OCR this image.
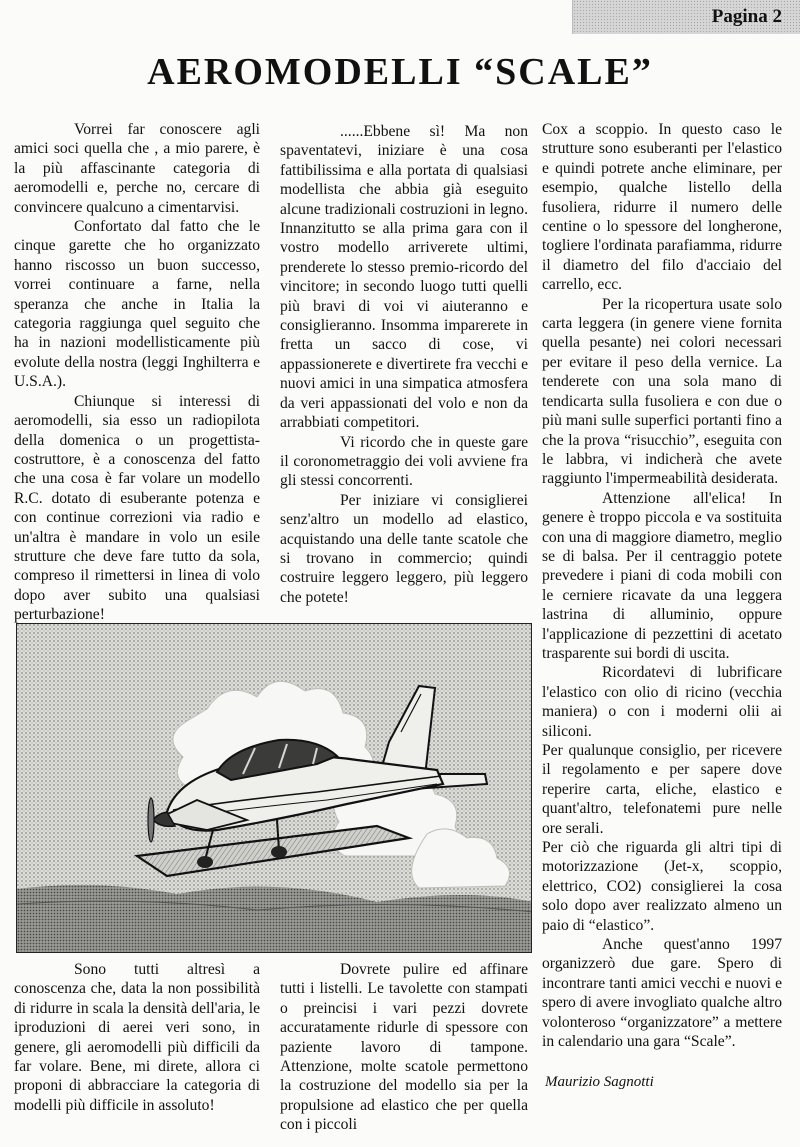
Pagina 2
AEROMODELLI “SCALE”

Vorrei far conoscere agli amici soci quella che , a mio parere, è la più affascinante categoria di aeromodelli e, perche no, cercare di convincere qualcuno a cimentarvisi.

Confortato dal fatto che le cinque garette che ho organizzato hanno riscosso un buon successo, vorrei continuare a farne, nella speranza che anche in Italia la categoria raggiunga quel seguito che ha in nazioni modellisticamente più evolute della nostra (leggi Inghilterra e U.S.A.).

Chiunque si interessi di aeromodelli, sia esso un radiopilota della domenica o un progettista-costruttore, è a conoscenza del fatto che una cosa è far volare un modello R.C. dotato di esuberante potenza e con continue correzioni via radio e un'altra è mandare in volo un esile strutture che deve fare tutto da sola, compreso il rimettersi in linea di volo dopo aver subito una qualsiasi perturbazione!

......Ebbene sì! Ma non spaventatevi, iniziare è una cosa fattibilissima e alla portata di qualsiasi modellista che abbia già eseguito alcune tradizionali costruzioni in legno. Innanzitutto se alla prima gara con il vostro modello arriverete ultimi, prenderete lo stesso premio-ricordo del vincitore; in secondo luogo tutti quelli più bravi di voi vi aiuteranno e consiglieranno. Insomma imparerete in fretta un sacco di cose, vi appassionerete e divertirete fra vecchi e nuovi amici in una simpatica atmosfera da veri appassionati del volo e non da arrabbiati competitori.

Vi ricordo che in queste gare il coronometraggio dei voli avviene fra gli stessi concorrenti.

Per iniziare vi consiglierei senz'altro un modello ad elastico, acquistando una delle tante scatole che si trovano in commercio; quindi costruire leggero leggero, più leggero che potete!

Cox a scoppio. In questo caso le strutture sono esuberanti per l'elastico e quindi potrete anche eliminare, per esempio, qualche listello della fusoliera, ridurre il numero delle centine o lo spessore del longherone, togliere l'ordinata parafiamma, ridurre il diametro del filo d'acciaio del carrello, ecc.

Per la ricopertura usate solo carta leggera (in genere viene fornita quella pesante) nei colori necessari per evitare il peso della vernice. La tenderete con una sola mano di tendicarta sulla fusoliera e con due o più mani sulle superfici portanti fino a che la prova “risucchio”, eseguita con le labbra, vi indicherà che avete raggiunto l'impermeabilità desiderata.

Attenzione all'elica! In genere è troppo piccola e va sostituita con una di maggiore diametro, meglio se di balsa. Per il centraggio potete prevedere i piani di coda mobili con le cerniere ricavate da una leggera lastrina di alluminio, oppure l'applicazione di pezzettini di acetato trasparente sui bordi di uscita.

Ricordatevi di lubrificare l'elastico con olio di ricino (vecchia maniera) o con i moderni olii ai siliconi.

Per qualunque consiglio, per ricevere il regolamento e per sapere dove reperire carta, eliche, elastico e quant'altro, telefonatemi pure nelle ore serali.

Per ciò che riguarda gli altri tipi di motorizzazione (Jet-x, scoppio, elettrico, CO2) consiglierei la cosa solo dopo aver realizzato almeno un paio di “elastico”.

Anche quest'anno 1997 organizzerò due gare. Spero di incontrare tanti amici vecchi e nuovi e spero di avere invogliato qualche altro volonteroso “organizzatore” a mettere in calendario una gara “Scale”.

Sono tutti altresì a conoscenza che, data la non possibilità di ridurre in scala la densità dell'aria, le iproduzioni di aerei veri sono, in genere, gli aeromodelli più difficili da far volare. Bene, mi direte, allora ci proponi di abbracciare la categoria di modelli più difficile in assoluto!

Dovrete pulire ed affinare tutti i listelli. Le tavolette con stampati o preincisi i vari pezzi dovrete accuratamente ridurle di spessore con paziente lavoro di tampone. Attenzione, molte scatole permettono la costruzione del modello sia per la propulsione ad elastico che per quella con i piccoli

Maurizio Sagnotti
